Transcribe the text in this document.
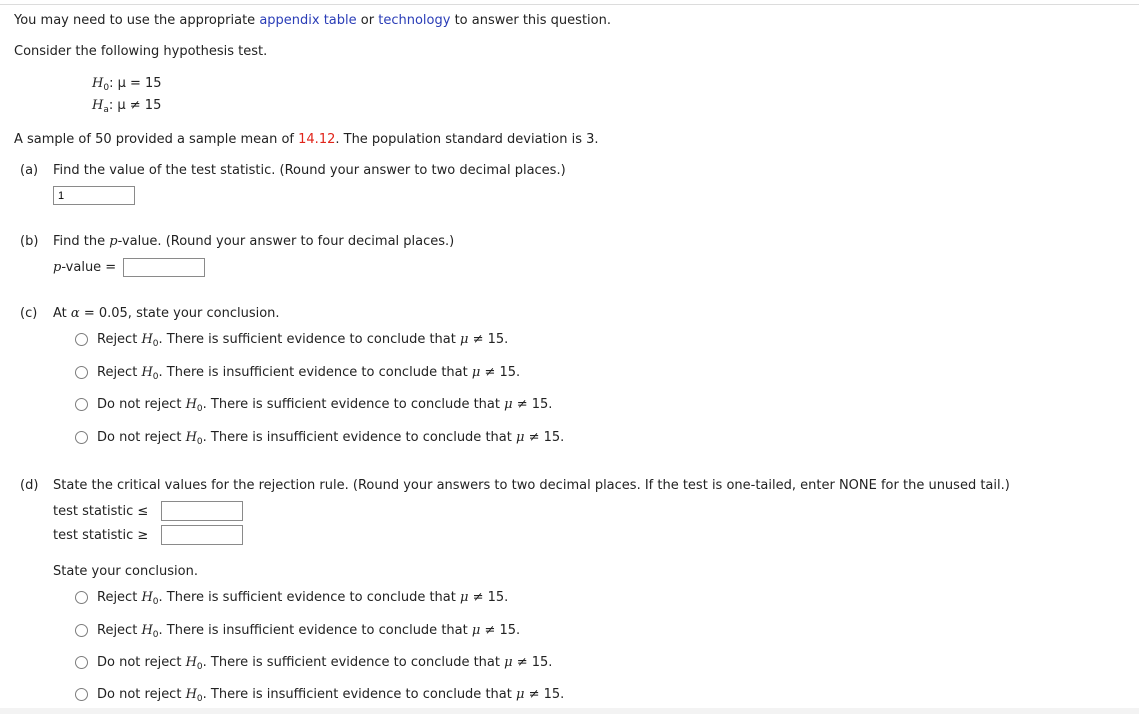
You may need to use the appropriate appendix table or technology to answer this question.
Consider the following hypothesis test.
$H_0$: μ = 15
$H_a$: μ ≠ 15
A sample of 50 provided a sample mean of 14.12. The population standard deviation is 3.
(a) Find the value of the test statistic. (Round your answer to two decimal places.)
1
(b) Find the p-value. (Round your answer to four decimal places.)
p-value =
(c) At α = 0.05, state your conclusion.
Reject $H_0$. There is sufficient evidence to conclude that μ ≠ 15.
Reject $H_0$. There is insufficient evidence to conclude that μ ≠ 15.
Do not reject $H_0$. There is sufficient evidence to conclude that μ ≠ 15.
Do not reject $H_0$. There is insufficient evidence to conclude that μ ≠ 15.
(d) State the critical values for the rejection rule. (Round your answers to two decimal places. If the test is one-tailed, enter NONE for the unused tail.)
test statistic ≤
test statistic ≥
State your conclusion.
Reject $H_0$. There is sufficient evidence to conclude that μ ≠ 15.
Reject $H_0$. There is insufficient evidence to conclude that μ ≠ 15.
Do not reject $H_0$. There is sufficient evidence to conclude that μ ≠ 15.
Do not reject $H_0$. There is insufficient evidence to conclude that μ ≠ 15.
